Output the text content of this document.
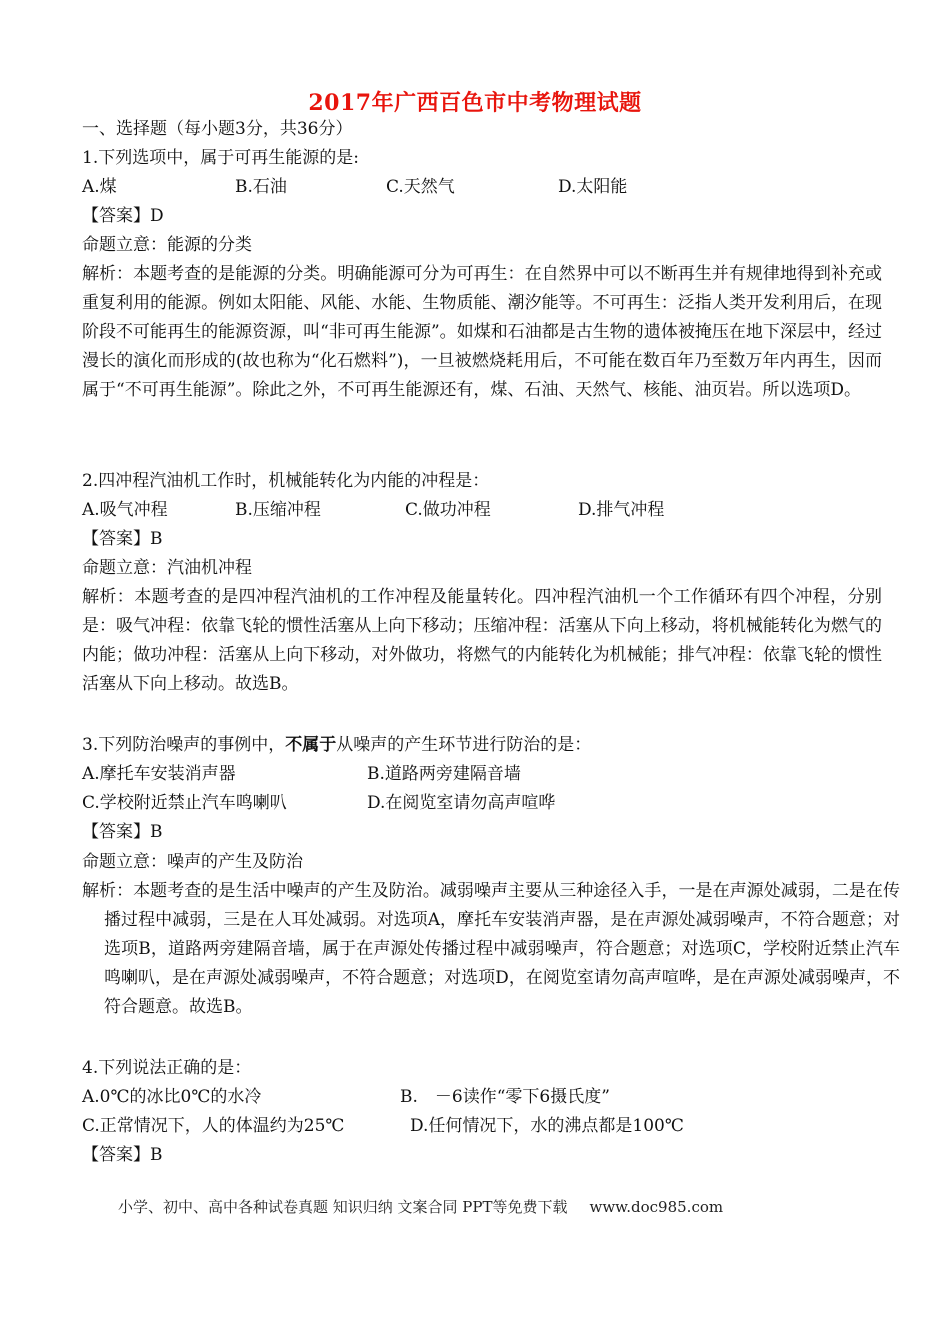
2017年广西百色市中考物理试题
一、选择题（每小题3分，共36分）
1.下列选项中，属于可再生能源的是:
A.煤	B.石油	C.天然气	D.太阳能
【答案】D
命题立意：能源的分类
解析：本题考查的是能源的分类。明确能源可分为可再生：在自然界中可以不断再生并有规律地得到补充或重复利用的能源。例如太阳能、风能、水能、生物质能、潮汐能等。不可再生：泛指人类开发利用后，在现阶段不可能再生的能源资源，叫“非可再生能源”。如煤和石油都是古生物的遗体被掩压在地下深层中，经过漫长的演化而形成的(故也称为“化石燃料”)，一旦被燃烧耗用后，不可能在数百年乃至数万年内再生，因而属于“不可再生能源”。除此之外，不可再生能源还有，煤、石油、天然气、核能、油页岩。所以选项D。
2.四冲程汽油机工作时，机械能转化为内能的冲程是：
A.吸气冲程	B.压缩冲程	C.做功冲程	D.排气冲程
【答案】B
命题立意：汽油机冲程
解析：本题考查的是四冲程汽油机的工作冲程及能量转化。四冲程汽油机一个工作循环有四个冲程，分别是：吸气冲程：依靠飞轮的惯性活塞从上向下移动；压缩冲程：活塞从下向上移动，将机械能转化为燃气的内能；做功冲程：活塞从上向下移动，对外做功，将燃气的内能转化为机械能；排气冲程：依靠飞轮的惯性活塞从下向上移动。故选B。
3.下列防治噪声的事例中，不属于从噪声的产生环节进行防治的是：
A.摩托车安装消声器	B.道路两旁建隔音墙
C.学校附近禁止汽车鸣喇叭	D.在阅览室请勿高声喧哗
【答案】B
命题立意：噪声的产生及防治
解析：本题考查的是生活中噪声的产生及防治。减弱噪声主要从三种途径入手，一是在声源处减弱，二是在传播过程中减弱，三是在人耳处减弱。对选项A，摩托车安装消声器，是在声源处减弱噪声，不符合题意；对选项B，道路两旁建隔音墙，属于在声源处传播过程中减弱噪声，符合题意；对选项C，学校附近禁止汽车鸣喇叭，是在声源处减弱噪声，不符合题意；对选项D，在阅览室请勿高声喧哗，是在声源处减弱噪声，不符合题意。故选B。
4.下列说法正确的是：
A.0℃的冰比0℃的水冷	B.　－6读作“零下6摄氏度”
C.正常情况下，人的体温约为25℃	D.任何情况下，水的沸点都是100℃
【答案】B
小学、初中、高中各种试卷真题 知识归纳 文案合同 PPT等免费下载 www.doc985.com
